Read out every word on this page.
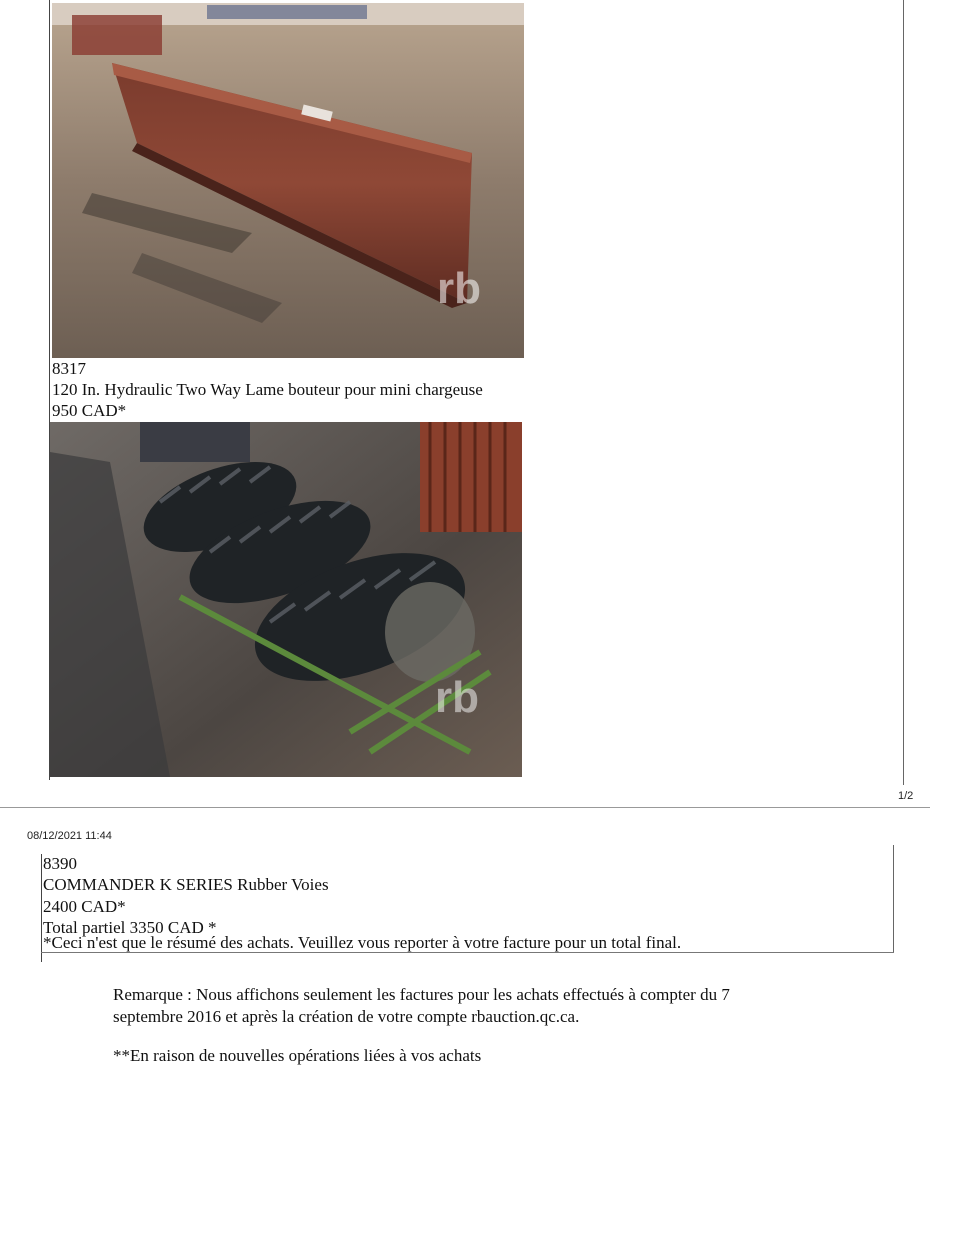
rb
8317
120 In. Hydraulic Two Way Lame bouteur pour mini chargeuse
950 CAD*
rb
1/2
08/12/2021 11:44
8390
COMMANDER K SERIES Rubber Voies
2400 CAD*
Total partiel 3350 CAD *
*Ceci n'est que le résumé des achats. Veuillez vous reporter à votre facture pour un total final.
Remarque : Nous affichons seulement les factures pour les achats effectués à compter du 7
septembre 2016 et après la création de votre compte rbauction.qc.ca.
**En raison de nouvelles opérations liées à vos achats
